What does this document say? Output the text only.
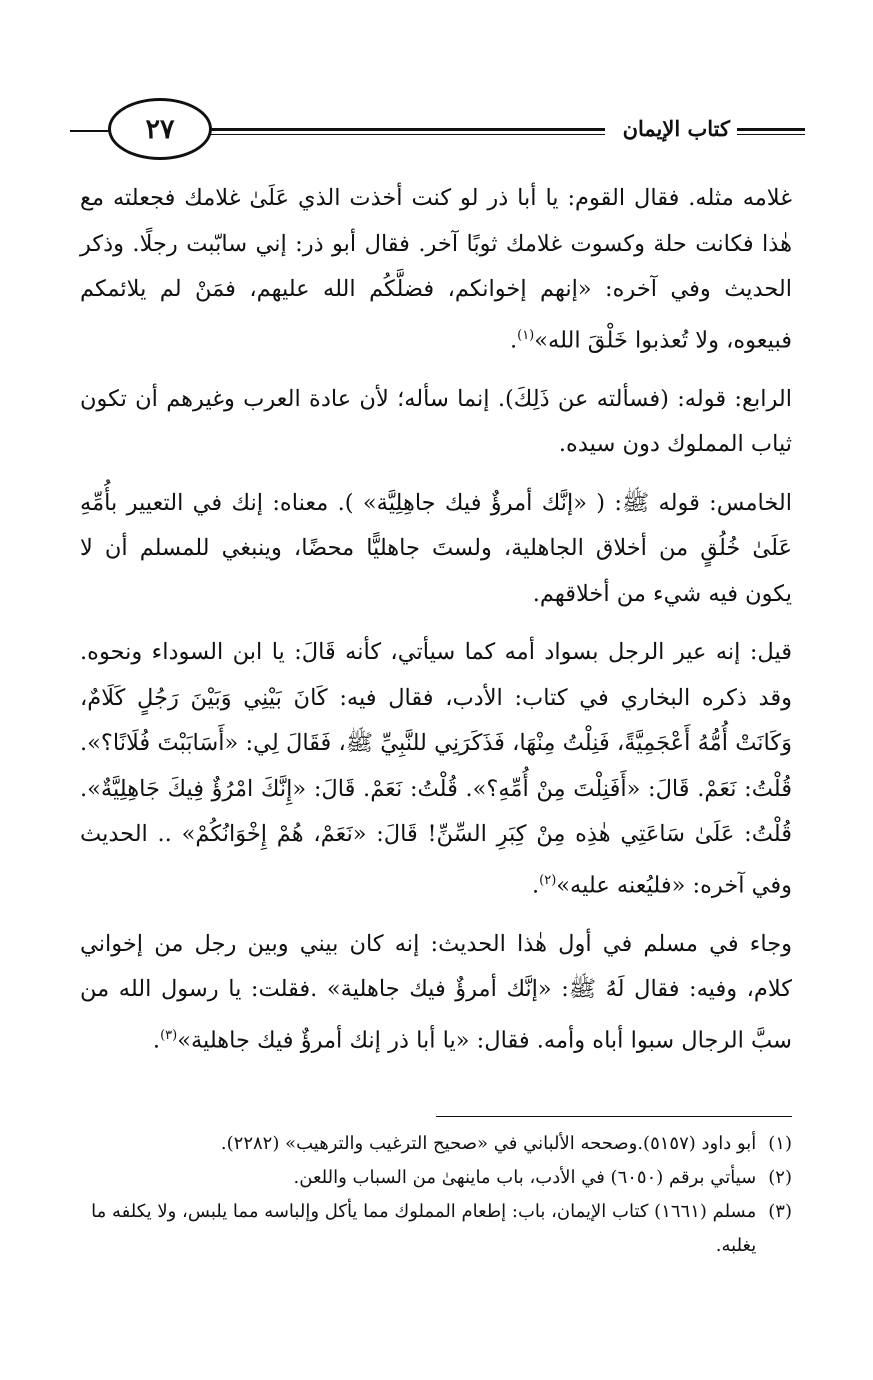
٢٧	كتاب الإيمان

غلامه مثله. فقال القوم: يا أبا ذر لو كنت أخذت الذي عَلَىٰ غلامك فجعلته مع هٰذا فكانت حلة وكسوت غلامك ثوبًا آخر. فقال أبو ذر: إني سابّبت رجلًا. وذكر الحديث وفي آخره: «إنهم إخوانكم، فضلَّكُم الله عليهم، فمَنْ لم يلائمكم فبيعوه، ولا تُعذبوا خَلْقَ الله»$^{(١)}$.

الرابع: قوله: (فسألته عن ذَلِكَ). إنما سأله؛ لأن عادة العرب وغيرهم أن تكون ثياب المملوك دون سيده.

الخامس: قوله ﷺ: ( «إنَّك أمرؤٌ فيك جاهِلِيَّة» ). معناه: إنك في التعيير بأُمِّهِ عَلَىٰ خُلُقٍ من أخلاق الجاهلية، ولستَ جاهليًّا محضًا، وينبغي للمسلم أن لا يكون فيه شيء من أخلاقهم.

قيل: إنه عير الرجل بسواد أمه كما سيأتي، كأنه قَالَ: يا ابن السوداء ونحوه. وقد ذكره البخاري في كتاب: الأدب، فقال فيه: كَانَ بَيْنِي وَبَيْنَ رَجُلٍ كَلَامٌ، وَكَانَتْ أُمُّهُ أَعْجَمِيَّةً، فَنِلْتُ مِنْهَا، فَذَكَرَنِي للنَّبِيِّ ﷺ، فَقَالَ لِي: «أَسَابَبْتَ فُلَانًا؟». قُلْتُ: نَعَمْ. قَالَ: «أَفَنِلْتَ مِنْ أُمِّهِ؟». قُلْتُ: نَعَمْ. قَالَ: «إِنَّكَ امْرُؤٌ فِيكَ جَاهِلِيَّةٌ». قُلْتُ: عَلَىٰ سَاعَتِي هٰذِه مِنْ كِبَرِ السِّنِّ! قَالَ: «نَعَمْ، هُمْ إِخْوَانُكُمْ» .. الحديث وفي آخره: «فليُعنه عليه»$^{(٢)}$.

وجاء في مسلم في أول هٰذا الحديث: إنه كان بيني وبين رجل من إخواني كلام، وفيه: فقال لَهُ ﷺ: «إنَّك أمرؤٌ فيك جاهلية» .فقلت: يا رسول الله من سبَّ الرجال سبوا أباه وأمه. فقال: «يا أبا ذر إنك أمرؤٌ فيك جاهلية»$^{(٣)}$.

(١)
أبو داود (٥١٥٧).وصححه الألباني في «صحيح الترغيب والترهيب» (٢٢٨٢).
(٢)
سيأتي برقم (٦٠٥٠) في الأدب، باب ماينهىٰ من السباب واللعن.
(٣)
مسلم (١٦٦١) كتاب الإيمان، باب: إطعام المملوك مما يأكل وإلباسه مما يلبس، ولا يكلفه ما يغلبه.
